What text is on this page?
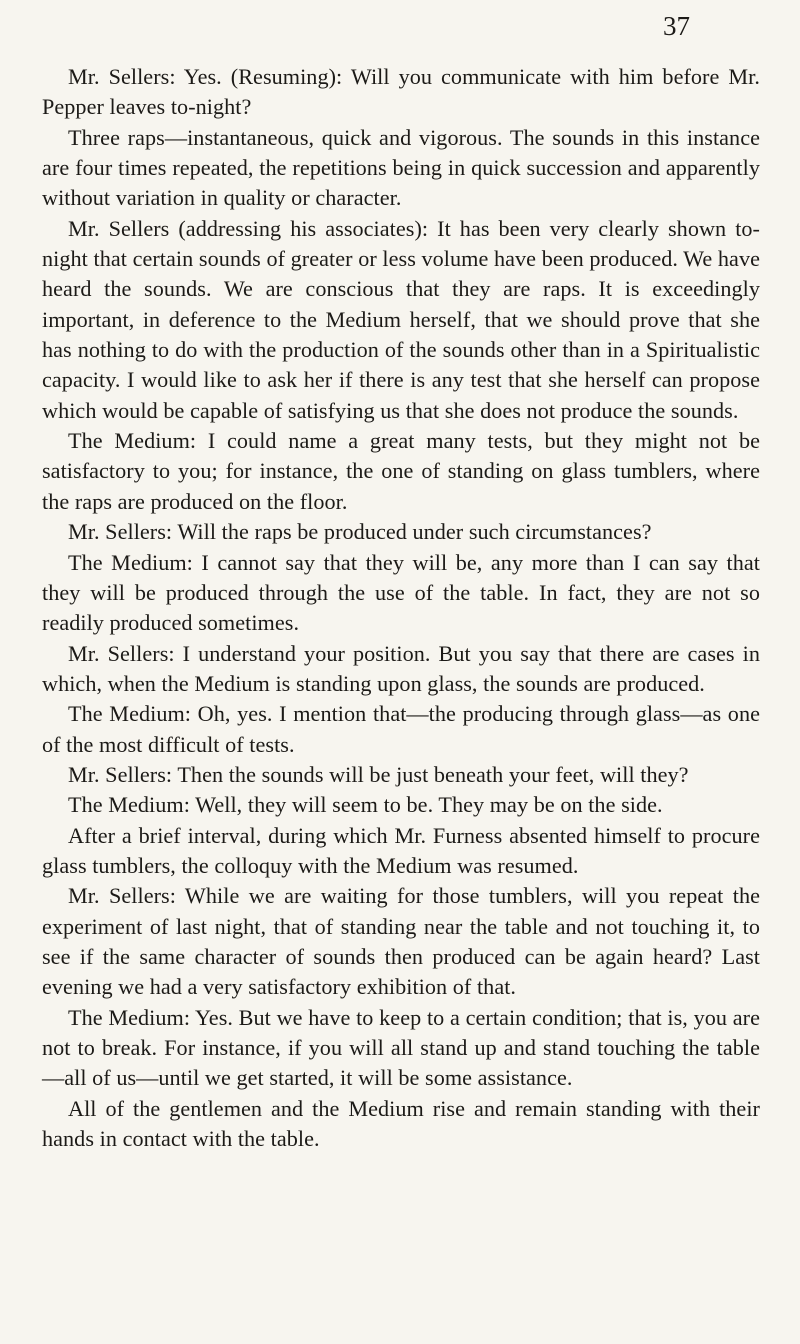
37

Mr. Sellers: Yes. (Resuming): Will you communicate with him before Mr. Pepper leaves to-night?

Three raps—instantaneous, quick and vigorous. The sounds in this instance are four times repeated, the repetitions being in quick succession and apparently without variation in quality or character.

Mr. Sellers (addressing his associates): It has been very clearly shown to-night that certain sounds of greater or less volume have been produced. We have heard the sounds. We are conscious that they are raps. It is exceedingly important, in deference to the Medium herself, that we should prove that she has nothing to do with the production of the sounds other than in a Spiritualistic capacity. I would like to ask her if there is any test that she herself can propose which would be capable of satisfying us that she does not produce the sounds.

The Medium: I could name a great many tests, but they might not be satisfactory to you; for instance, the one of standing on glass tumblers, where the raps are produced on the floor.

Mr. Sellers: Will the raps be produced under such circumstances?

The Medium: I cannot say that they will be, any more than I can say that they will be produced through the use of the table. In fact, they are not so readily produced sometimes.

Mr. Sellers: I understand your position. But you say that there are cases in which, when the Medium is standing upon glass, the sounds are produced.

The Medium: Oh, yes. I mention that—the producing through glass—as one of the most difficult of tests.

Mr. Sellers: Then the sounds will be just beneath your feet, will they?

The Medium: Well, they will seem to be. They may be on the side.

After a brief interval, during which Mr. Furness absented himself to procure glass tumblers, the colloquy with the Medium was resumed.

Mr. Sellers: While we are waiting for those tumblers, will you repeat the experiment of last night, that of standing near the table and not touching it, to see if the same character of sounds then produced can be again heard? Last evening we had a very satisfactory exhibition of that.

The Medium: Yes. But we have to keep to a certain condition; that is, you are not to break. For instance, if you will all stand up and stand touching the table—all of us—until we get started, it will be some assistance.

All of the gentlemen and the Medium rise and remain standing with their hands in contact with the table.
